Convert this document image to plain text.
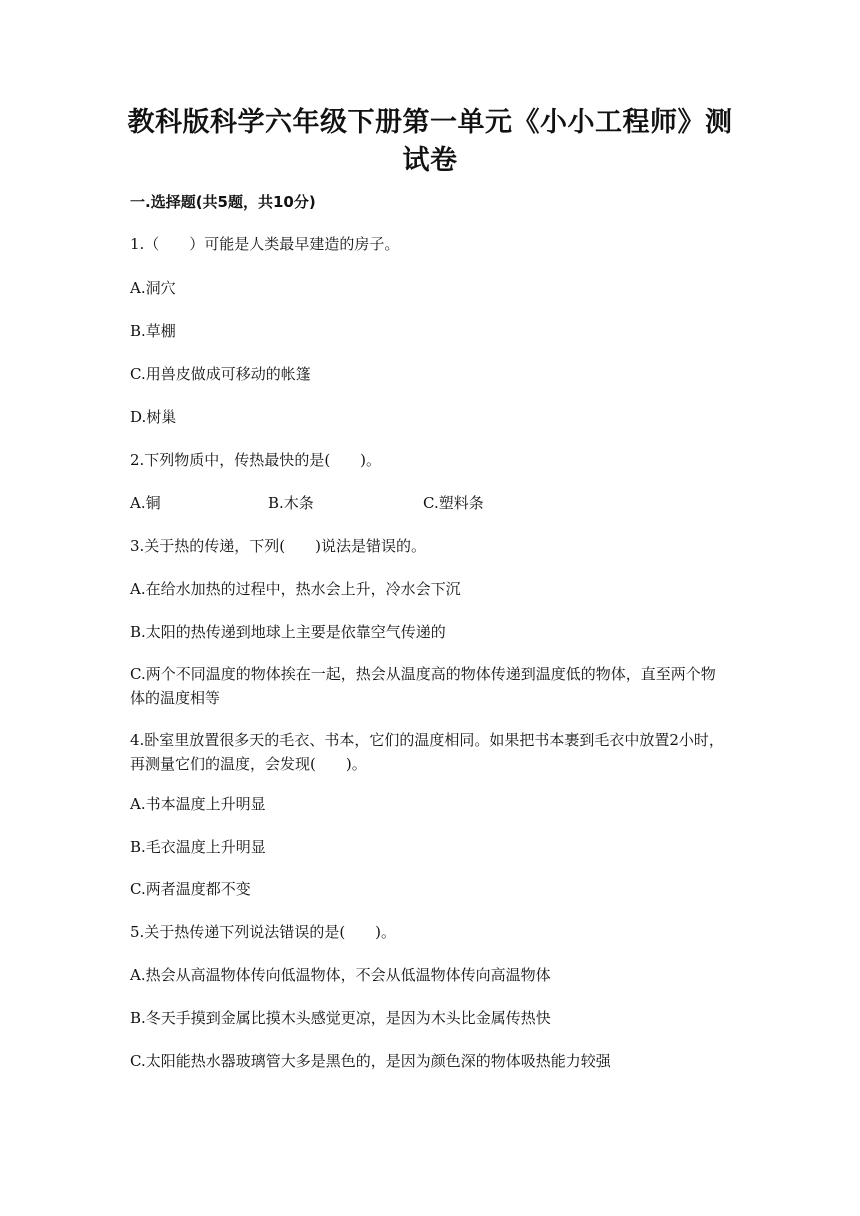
教科版科学六年级下册第一单元《小小工程师》测试卷
一.选择题(共5题，共10分)
1.（　　）可能是人类最早建造的房子。
A.洞穴
B.草棚
C.用兽皮做成可移动的帐篷
D.树巢
2.下列物质中，传热最快的是(　　)。
A.铜	B.木条	C.塑料条
3.关于热的传递，下列(　　)说法是错误的。
A.在给水加热的过程中，热水会上升，冷水会下沉
B.太阳的热传递到地球上主要是依靠空气传递的
C.两个不同温度的物体挨在一起，热会从温度高的物体传递到温度低的物体，直至两个物体的温度相等
4.卧室里放置很多天的毛衣、书本，它们的温度相同。如果把书本裹到毛衣中放置2小时，再测量它们的温度，会发现(　　)。
A.书本温度上升明显
B.毛衣温度上升明显
C.两者温度都不变
5.关于热传递下列说法错误的是(　　)。
A.热会从高温物体传向低温物体，不会从低温物体传向高温物体
B.冬天手摸到金属比摸木头感觉更凉，是因为木头比金属传热快
C.太阳能热水器玻璃管大多是黑色的，是因为颜色深的物体吸热能力较强
